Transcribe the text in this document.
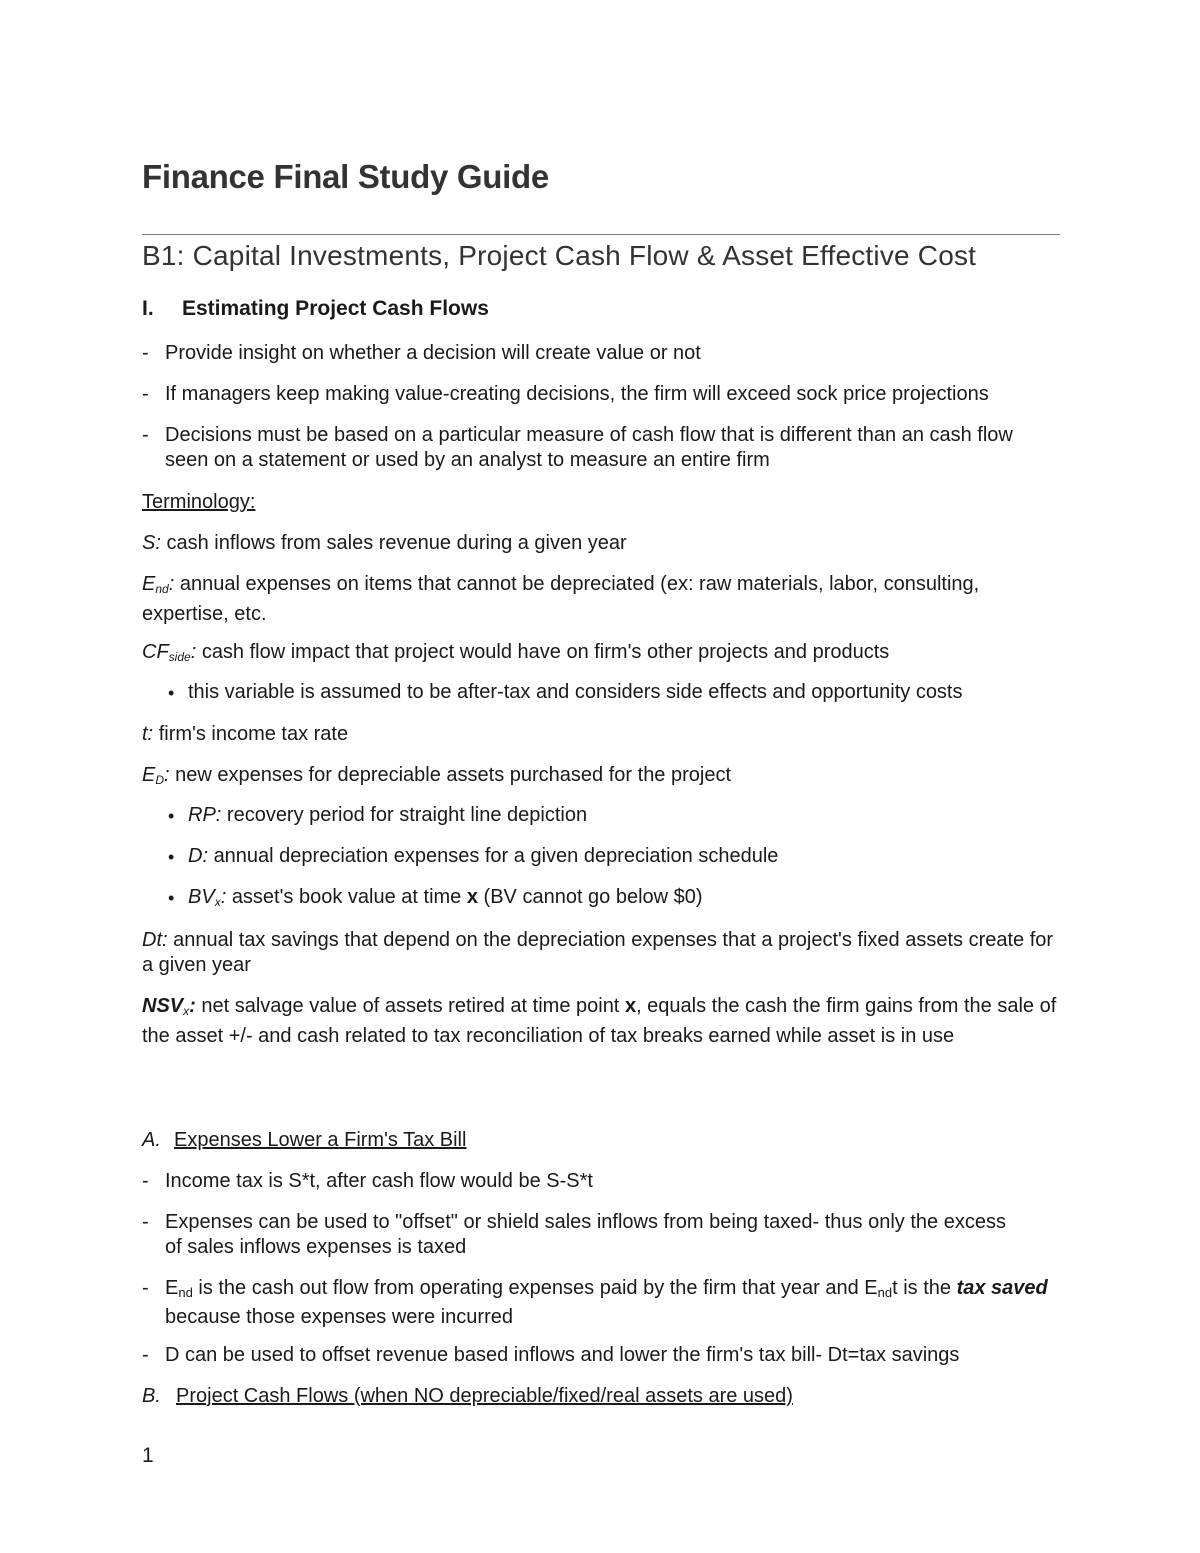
Finance Final Study Guide
B1: Capital Investments, Project Cash Flow & Asset Effective Cost
I. Estimating Project Cash Flows
- Provide insight on whether a decision will create value or not
- If managers keep making value-creating decisions, the firm will exceed sock price projections
- Decisions must be based on a particular measure of cash flow that is different than an cash flow seen on a statement or used by an analyst to measure an entire firm
Terminology:
S: cash inflows from sales revenue during a given year
$E_{nd}$: annual expenses on items that cannot be depreciated (ex: raw materials, labor, consulting, expertise, etc.
$CF_{side}$: cash flow impact that project would have on firm's other projects and products
• this variable is assumed to be after-tax and considers side effects and opportunity costs
t: firm's income tax rate
$E_D$: new expenses for depreciable assets purchased for the project
• RP: recovery period for straight line depiction
• D: annual depreciation expenses for a given depreciation schedule
• $BV_x$: asset's book value at time x (BV cannot go below $0)
Dt: annual tax savings that depend on the depreciation expenses that a project's fixed assets create for a given year
$NSV_x$: net salvage value of assets retired at time point x, equals the cash the firm gains from the sale of the asset +/- and cash related to tax reconciliation of tax breaks earned while asset is in use
A. Expenses Lower a Firm's Tax Bill
- Income tax is S*t, after cash flow would be S-S*t
- Expenses can be used to "offset" or shield sales inflows from being taxed- thus only the excess of sales inflows expenses is taxed
- End is the cash out flow from operating expenses paid by the firm that year and Endt is the tax saved because those expenses were incurred
- D can be used to offset revenue based inflows and lower the firm's tax bill- Dt=tax savings
B. Project Cash Flows (when NO depreciable/fixed/real assets are used)
1
